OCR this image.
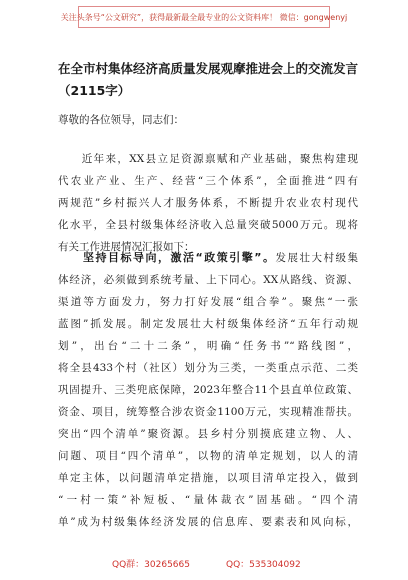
关注头条号“公文研究”，获得最新最全最专业的公文资料库！ 微信：gongwenyj
在全市村集体经济高质量发展观摩推进会上的交流发言
（2115字）
尊敬的各位领导，同志们：
　　近年来，XX县立足资源禀赋和产业基础，聚焦构建现
代农业产业、生产、经营“三个体系”，全面推进“四有
两规范”乡村振兴人才服务体系，不断提升农业农村现代
化水平，全县村级集体经济收入总量突破5000万元。现将
有关工作进展情况汇报如下：
　　坚持目标导向，激活“政策引擎”。发展壮大村级集
体经济，必须做到系统考量、上下同心。XX从路线、资源、
渠道等方面发力，努力打好发展“组合拳”。聚焦“一张
蓝图”抓发展。制定发展壮大村级集体经济“五年行动规
划”，出台“二十二条”，明确“任务书”“路线图”，
将全县433个村（社区）划分为三类，一类重点示范、二类
巩固提升、三类兜底保障，2023年整合11个县直单位政策、
资金、项目，统筹整合涉农资金1100万元，实现精准帮扶。
突出“四个清单”聚资源。县乡村分别摸底建立物、人、
问题、项目“四个清单”，以物的清单定规划，以人的清
单定主体，以问题清单定措施，以项目清单定投入，做到
“一村一策”补短板、“量体裁衣”固基础。“四个清
单”成为村级集体经济发展的信息库、要素表和风向标，
QQ群：30265665	QQ：535304092
